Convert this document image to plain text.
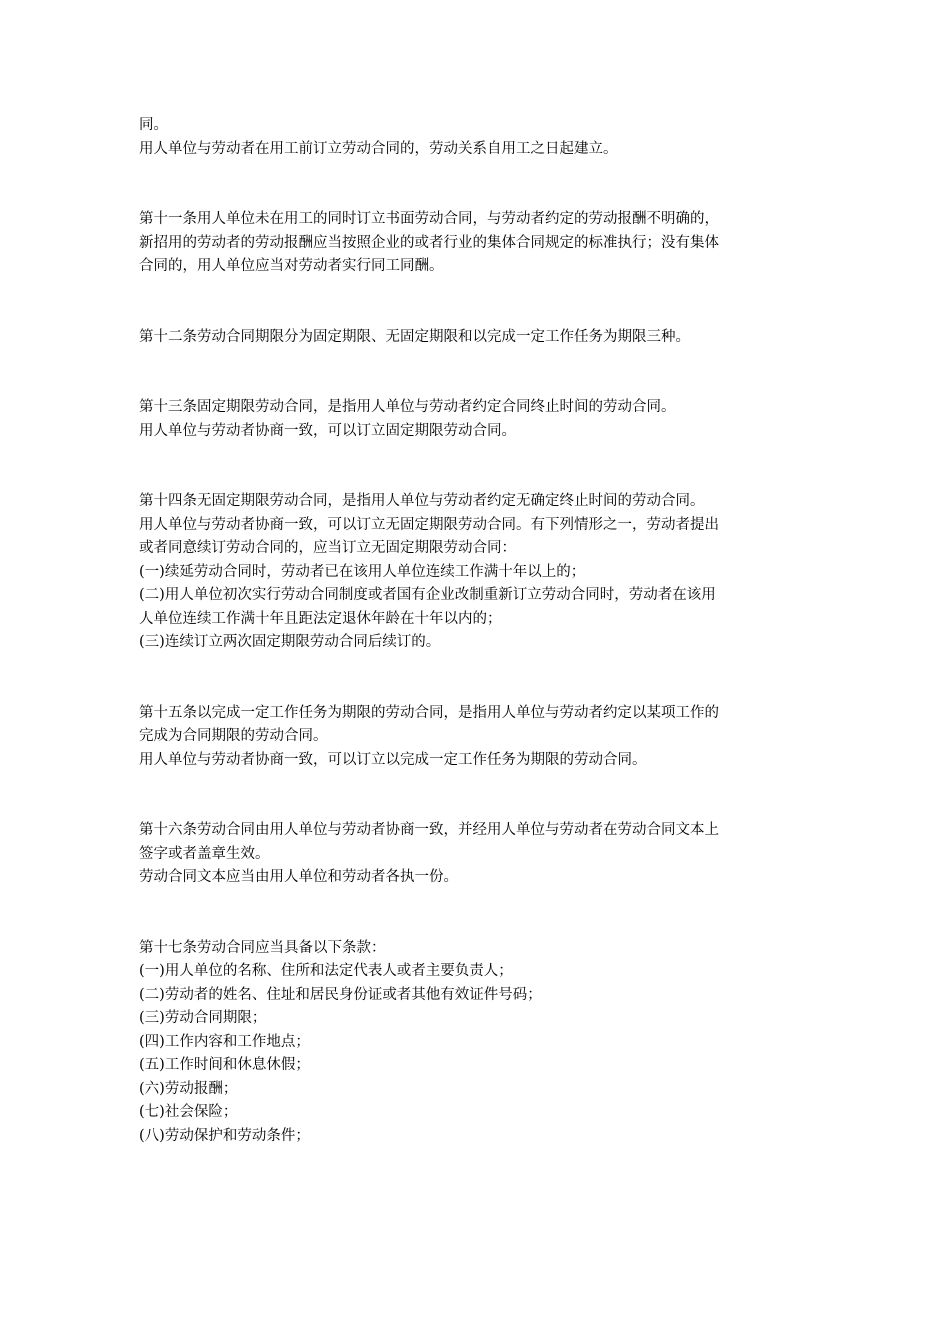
同。
用人单位与劳动者在用工前订立劳动合同的，劳动关系自用工之日起建立。
第十一条用人单位未在用工的同时订立书面劳动合同，与劳动者约定的劳动报酬不明确的，
新招用的劳动者的劳动报酬应当按照企业的或者行业的集体合同规定的标准执行；没有集体
合同的，用人单位应当对劳动者实行同工同酬。
第十二条劳动合同期限分为固定期限、无固定期限和以完成一定工作任务为期限三种。
第十三条固定期限劳动合同，是指用人单位与劳动者约定合同终止时间的劳动合同。
用人单位与劳动者协商一致，可以订立固定期限劳动合同。
第十四条无固定期限劳动合同，是指用人单位与劳动者约定无确定终止时间的劳动合同。
用人单位与劳动者协商一致，可以订立无固定期限劳动合同。有下列情形之一，劳动者提出
或者同意续订劳动合同的，应当订立无固定期限劳动合同：
(一)续延劳动合同时，劳动者已在该用人单位连续工作满十年以上的；
(二)用人单位初次实行劳动合同制度或者国有企业改制重新订立劳动合同时，劳动者在该用
人单位连续工作满十年且距法定退休年龄在十年以内的；
(三)连续订立两次固定期限劳动合同后续订的。
第十五条以完成一定工作任务为期限的劳动合同，是指用人单位与劳动者约定以某项工作的
完成为合同期限的劳动合同。
用人单位与劳动者协商一致，可以订立以完成一定工作任务为期限的劳动合同。
第十六条劳动合同由用人单位与劳动者协商一致，并经用人单位与劳动者在劳动合同文本上
签字或者盖章生效。
劳动合同文本应当由用人单位和劳动者各执一份。
第十七条劳动合同应当具备以下条款：
(一)用人单位的名称、住所和法定代表人或者主要负责人；
(二)劳动者的姓名、住址和居民身份证或者其他有效证件号码；
(三)劳动合同期限；
(四)工作内容和工作地点；
(五)工作时间和休息休假；
(六)劳动报酬；
(七)社会保险；
(八)劳动保护和劳动条件；
